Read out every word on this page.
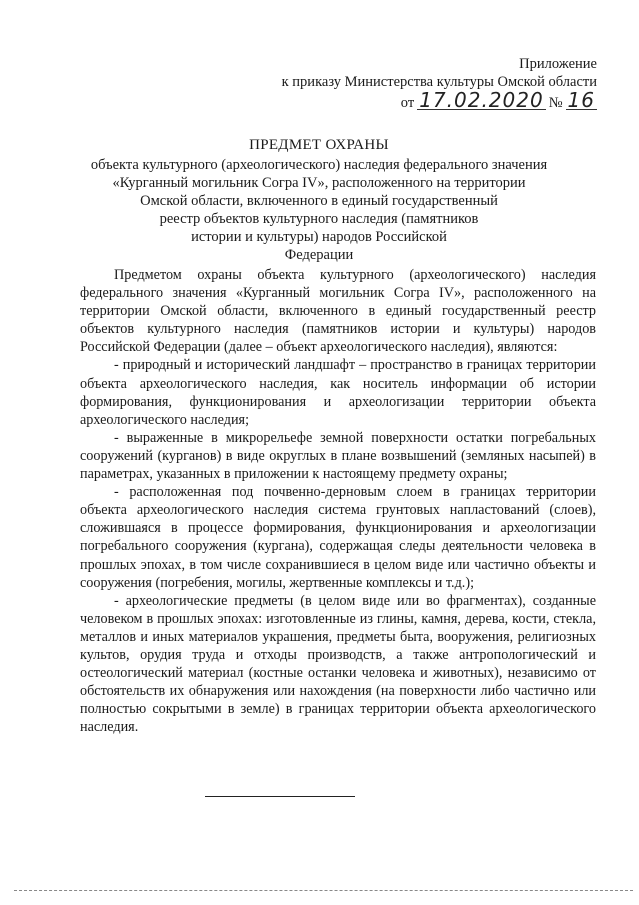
Приложение
к приказу Министерства культуры Омской области
от 17.02.2020 № 16
ПРЕДМЕТ ОХРАНЫ
объекта культурного (археологического) наследия федерального значения
«Курганный могильник Согра IV», расположенного на территории
Омской области, включенного в единый государственный
реестр объектов культурного наследия (памятников
истории и культуры) народов Российской
Федерации

Предметом охраны объекта культурного (археологического) наследия федерального значения «Курганный могильник Согра IV», расположенного на территории Омской области, включенного в единый государственный реестр объектов культурного наследия (памятников истории и культуры) народов Российской Федерации (далее – объект археологического наследия), являются:

- природный и исторический ландшафт – пространство в границах территории объекта археологического наследия, как носитель информации об истории формирования, функционирования и археологизации территории объекта археологического наследия;

- выраженные в микрорельефе земной поверхности остатки погребальных сооружений (курганов) в виде округлых в плане возвышений (земляных насыпей) в параметрах, указанных в приложении к настоящему предмету охраны;

- расположенная под почвенно-дерновым слоем в границах территории объекта археологического наследия система грунтовых напластований (слоев), сложившаяся в процессе формирования, функционирования и археологизации погребального сооружения (кургана), содержащая следы деятельности человека в прошлых эпохах, в том числе сохранившиеся в целом виде или частично объекты и сооружения (погребения, могилы, жертвенные комплексы и т.д.);

- археологические предметы (в целом виде или во фрагментах), созданные человеком в прошлых эпохах: изготовленные из глины, камня, дерева, кости, стекла, металлов и иных материалов украшения, предметы быта, вооружения, религиозных культов, орудия труда и отходы производств, а также антропологический и остеологический материал (костные останки человека и животных), независимо от обстоятельств их обнаружения или нахождения (на поверхности либо частично или полностью сокрытыми в земле) в границах территории объекта археологического наследия.
